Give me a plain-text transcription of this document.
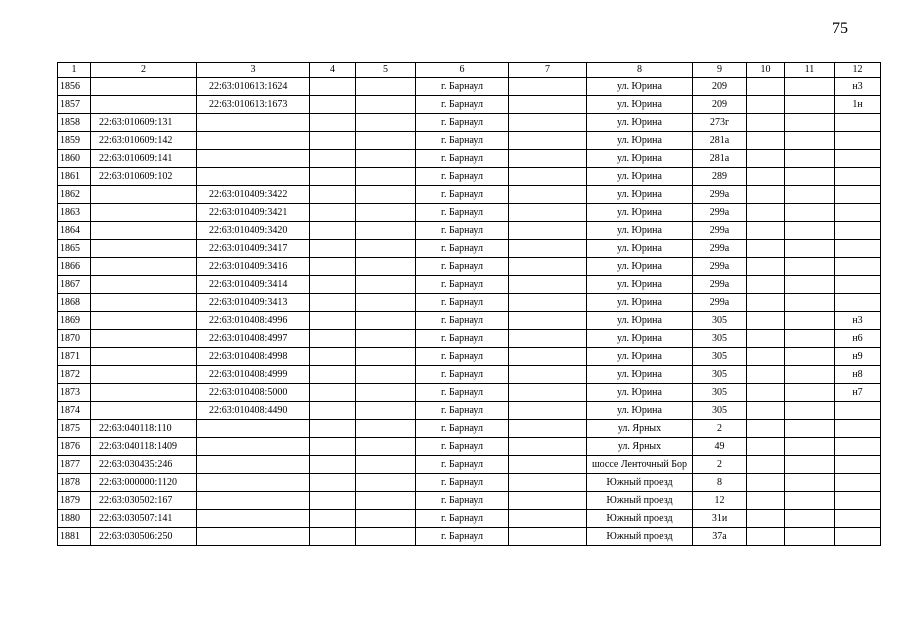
75
1	2	3	4	5	6	7	8	9	10	11	12
1856		22:63:010613:1624			г. Барнаул		ул. Юрина	209			н3
1857		22:63:010613:1673			г. Барнаул		ул. Юрина	209			1н
1858	22:63:010609:131				г. Барнаул		ул. Юрина	273г			
1859	22:63:010609:142				г. Барнаул		ул. Юрина	281а			
1860	22:63:010609:141				г. Барнаул		ул. Юрина	281а			
1861	22:63:010609:102				г. Барнаул		ул. Юрина	289			
1862		22:63:010409:3422			г. Барнаул		ул. Юрина	299а			
1863		22:63:010409:3421			г. Барнаул		ул. Юрина	299а			
1864		22:63:010409:3420			г. Барнаул		ул. Юрина	299а			
1865		22:63:010409:3417			г. Барнаул		ул. Юрина	299а			
1866		22:63:010409:3416			г. Барнаул		ул. Юрина	299а			
1867		22:63:010409:3414			г. Барнаул		ул. Юрина	299а			
1868		22:63:010409:3413			г. Барнаул		ул. Юрина	299а			
1869		22:63:010408:4996			г. Барнаул		ул. Юрина	305			н3
1870		22:63:010408:4997			г. Барнаул		ул. Юрина	305			н6
1871		22:63:010408:4998			г. Барнаул		ул. Юрина	305			н9
1872		22:63:010408:4999			г. Барнаул		ул. Юрина	305			н8
1873		22:63:010408:5000			г. Барнаул		ул. Юрина	305			н7
1874		22:63:010408:4490			г. Барнаул		ул. Юрина	305			
1875	22:63:040118:110				г. Барнаул		ул. Ярных	2			
1876	22:63:040118:1409				г. Барнаул		ул. Ярных	49			
1877	22:63:030435:246				г. Барнаул		шоссе Ленточный Бор	2			
1878	22:63:000000:1120				г. Барнаул		Южный проезд	8			
1879	22:63:030502:167				г. Барнаул		Южный проезд	12			
1880	22:63:030507:141				г. Барнаул		Южный проезд	31и			
1881	22:63:030506:250				г. Барнаул		Южный проезд	37а			
